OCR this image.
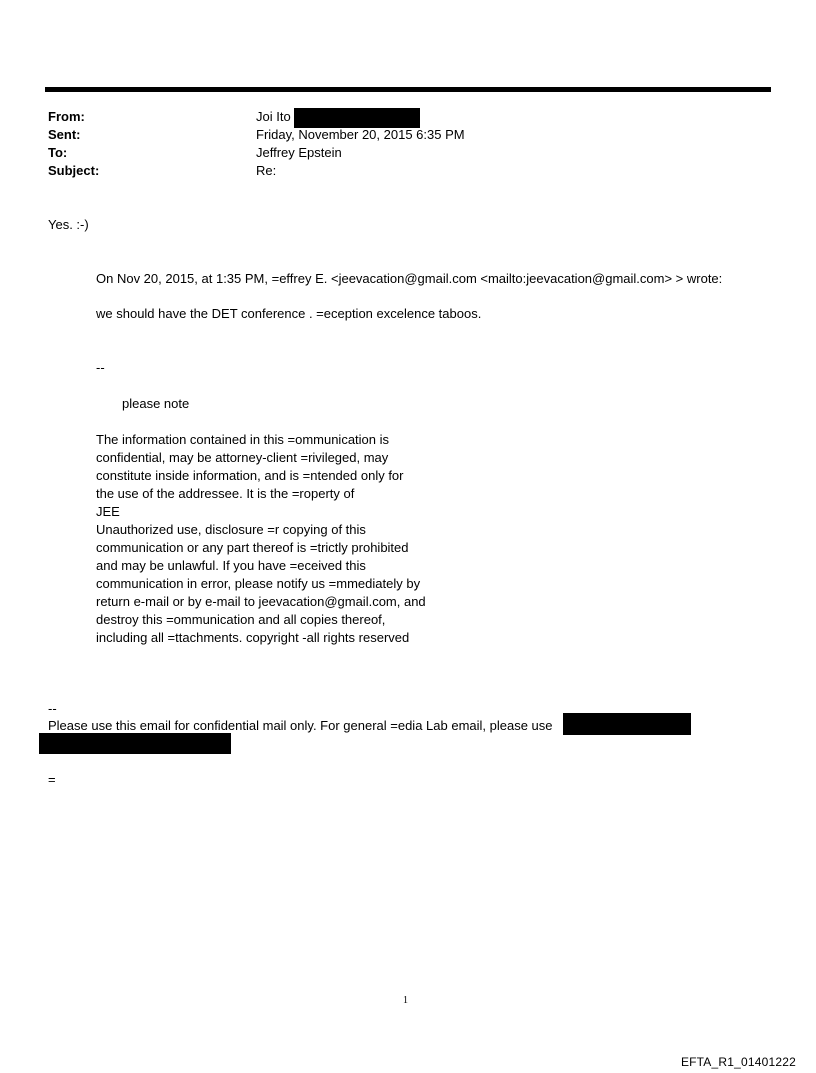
From:	Joi Ito
Sent:	Friday, November 20, 2015 6:35 PM
To:	Jeffrey Epstein
Subject:	Re:
Yes. :-)
On Nov 20, 2015, at 1:35 PM, =effrey E. <jeevacation@gmail.com <mailto:jeevacation@gmail.com> > wrote:
we should have the DET conference . =eception excelence taboos.
--
please note
The information contained in this =ommunication is
confidential, may be attorney-client =rivileged, may
constitute inside information, and is =ntended only for
the use of the addressee. It is the =roperty of
JEE
Unauthorized use, disclosure =r copying of this
communication or any part thereof is =trictly prohibited
and may be unlawful. If you have =eceived this
communication in error, please notify us =mmediately by
return e-mail or by e-mail to jeevacation@gmail.com, and
destroy this =ommunication and all copies thereof,
including all =ttachments. copyright -all rights reserved
--
Please use this email for confidential mail only. For general =edia Lab email, please use
=
1
EFTA_R1_01401222
